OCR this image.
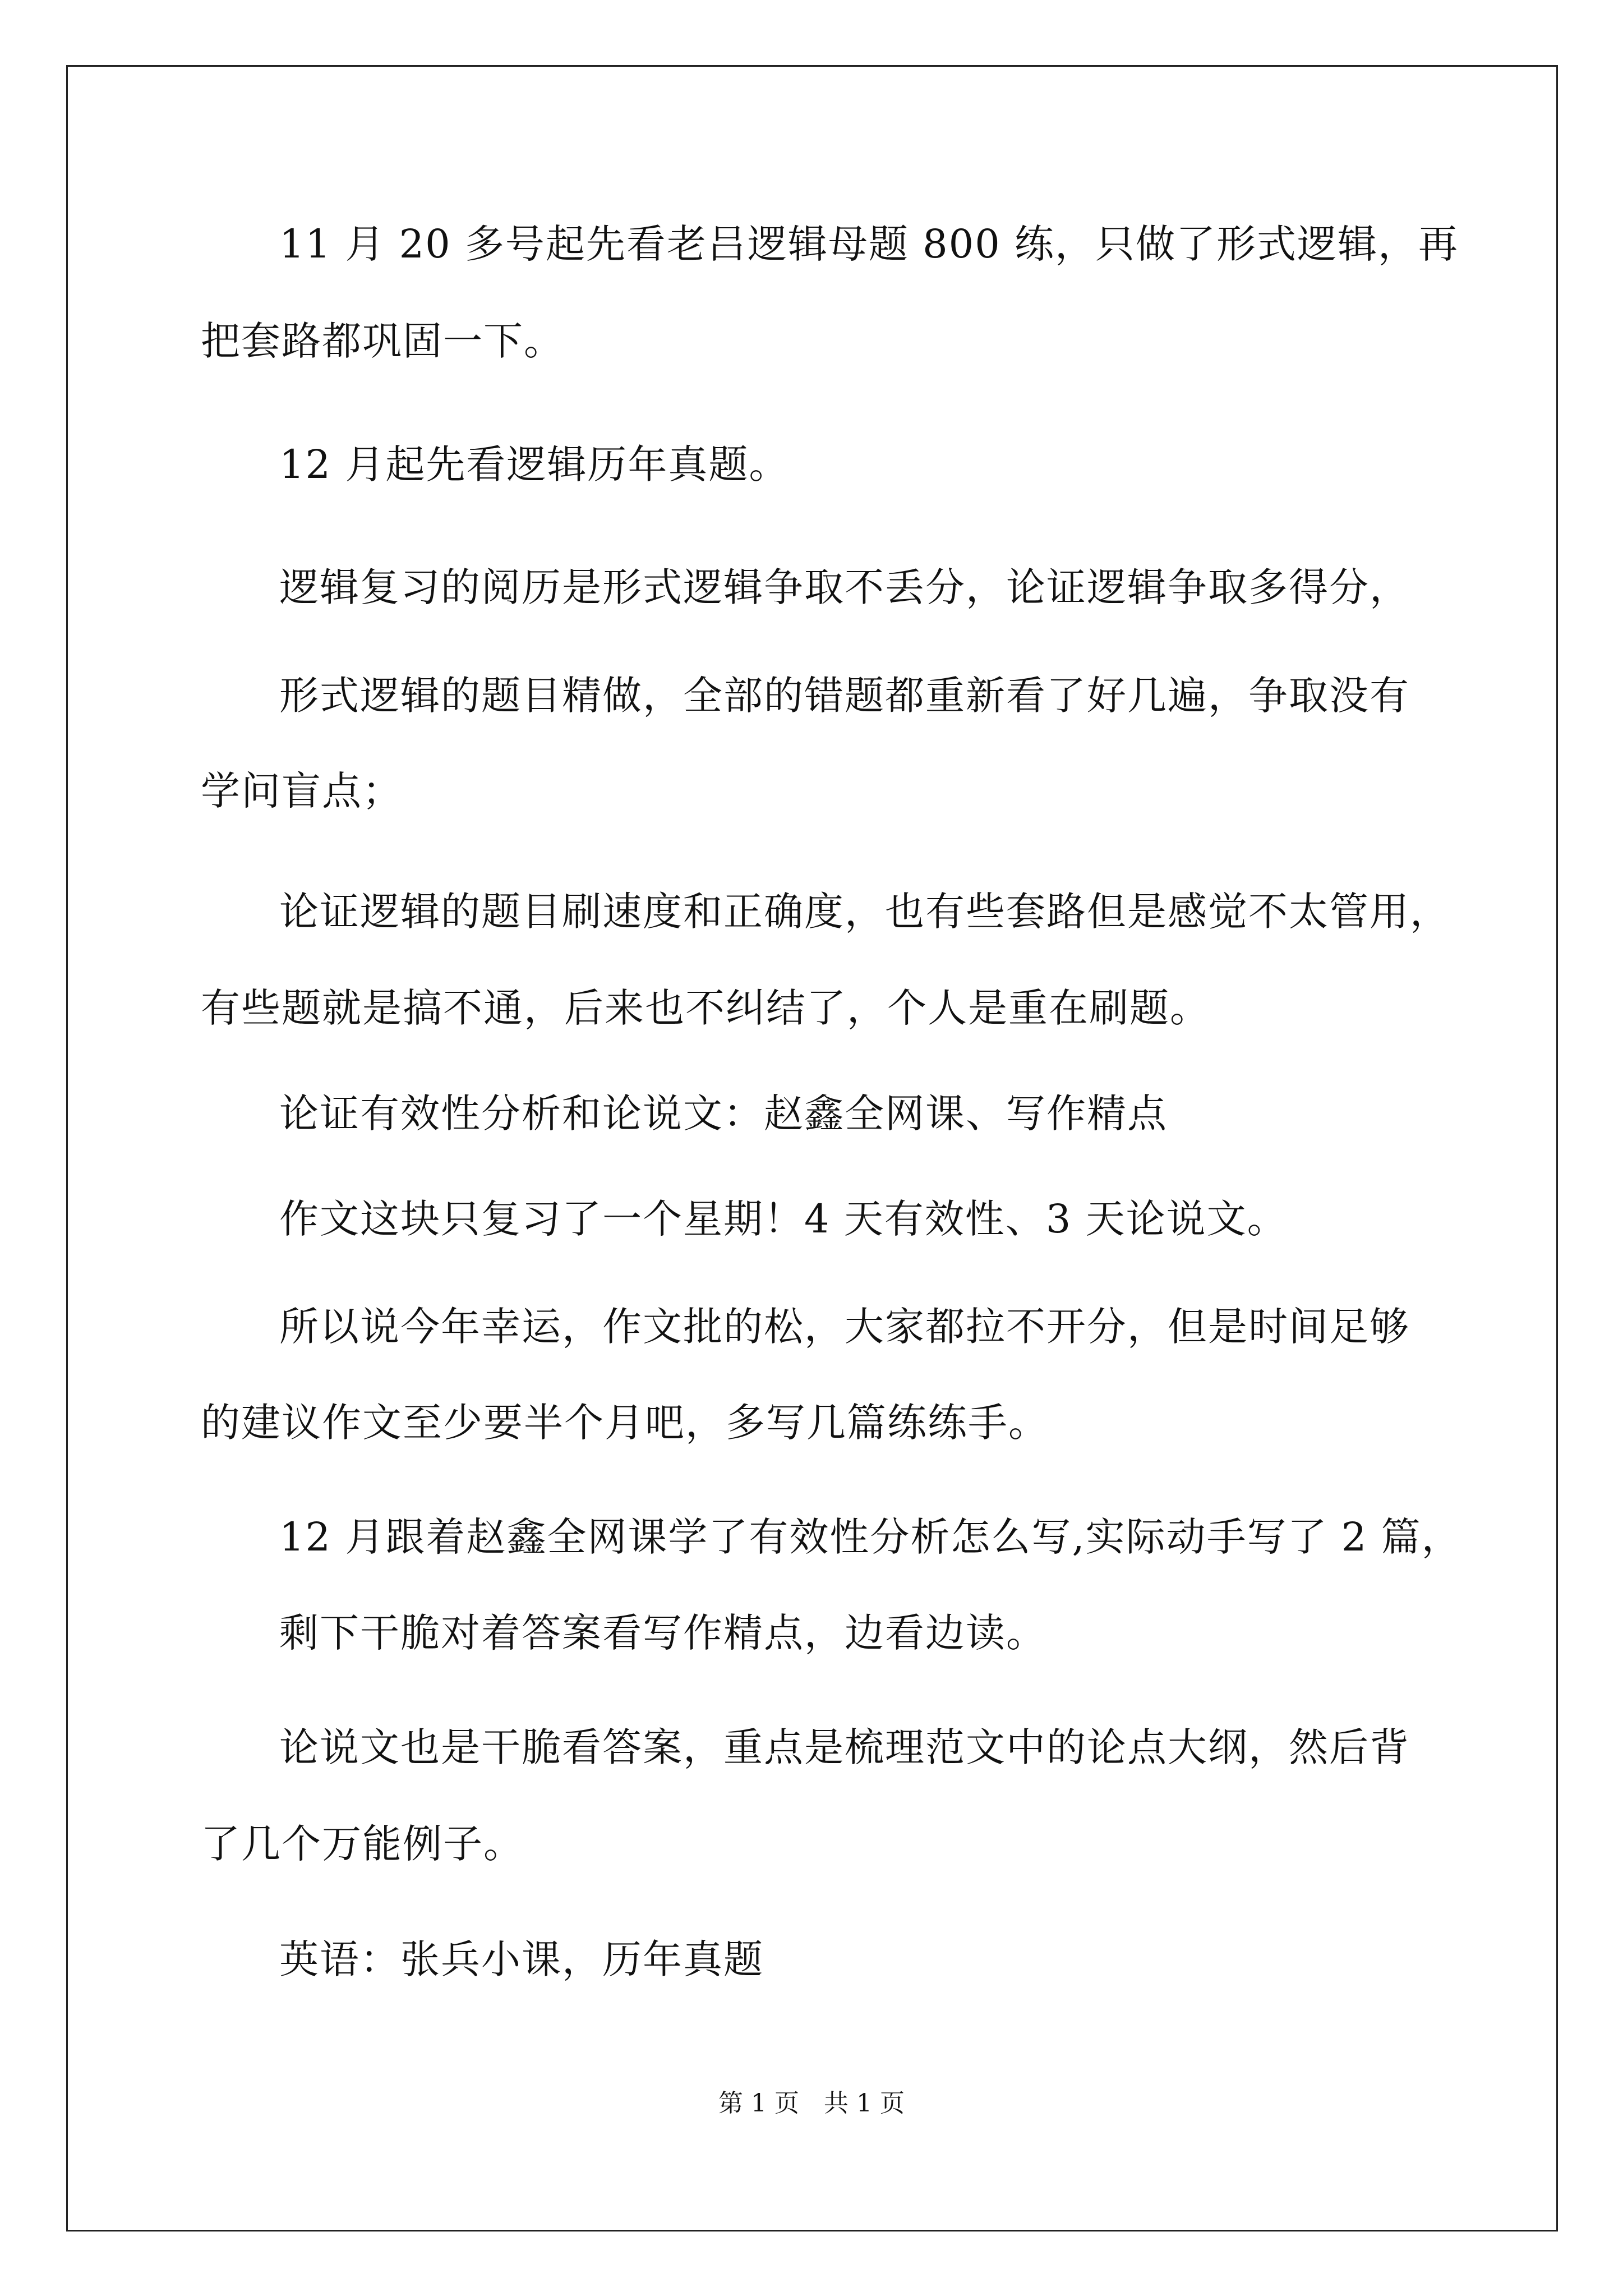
11 月 20 多号起先看老吕逻辑母题 800 练，只做了形式逻辑，再
把套路都巩固一下。
12 月起先看逻辑历年真题。
逻辑复习的阅历是形式逻辑争取不丢分，论证逻辑争取多得分，
形式逻辑的题目精做，全部的错题都重新看了好几遍，争取没有
学问盲点；
论证逻辑的题目刷速度和正确度，也有些套路但是感觉不太管用，
有些题就是搞不通，后来也不纠结了，个人是重在刷题。
论证有效性分析和论说文：赵鑫全网课、写作精点
作文这块只复习了一个星期！4 天有效性、3 天论说文。
所以说今年幸运，作文批的松，大家都拉不开分，但是时间足够
的建议作文至少要半个月吧，多写几篇练练手。
12 月跟着赵鑫全网课学了有效性分析怎么写,实际动手写了 2 篇，
剩下干脆对着答案看写作精点，边看边读。
论说文也是干脆看答案，重点是梳理范文中的论点大纲，然后背
了几个万能例子。
英语：张兵小课，历年真题
第 1 页　共 1 页
